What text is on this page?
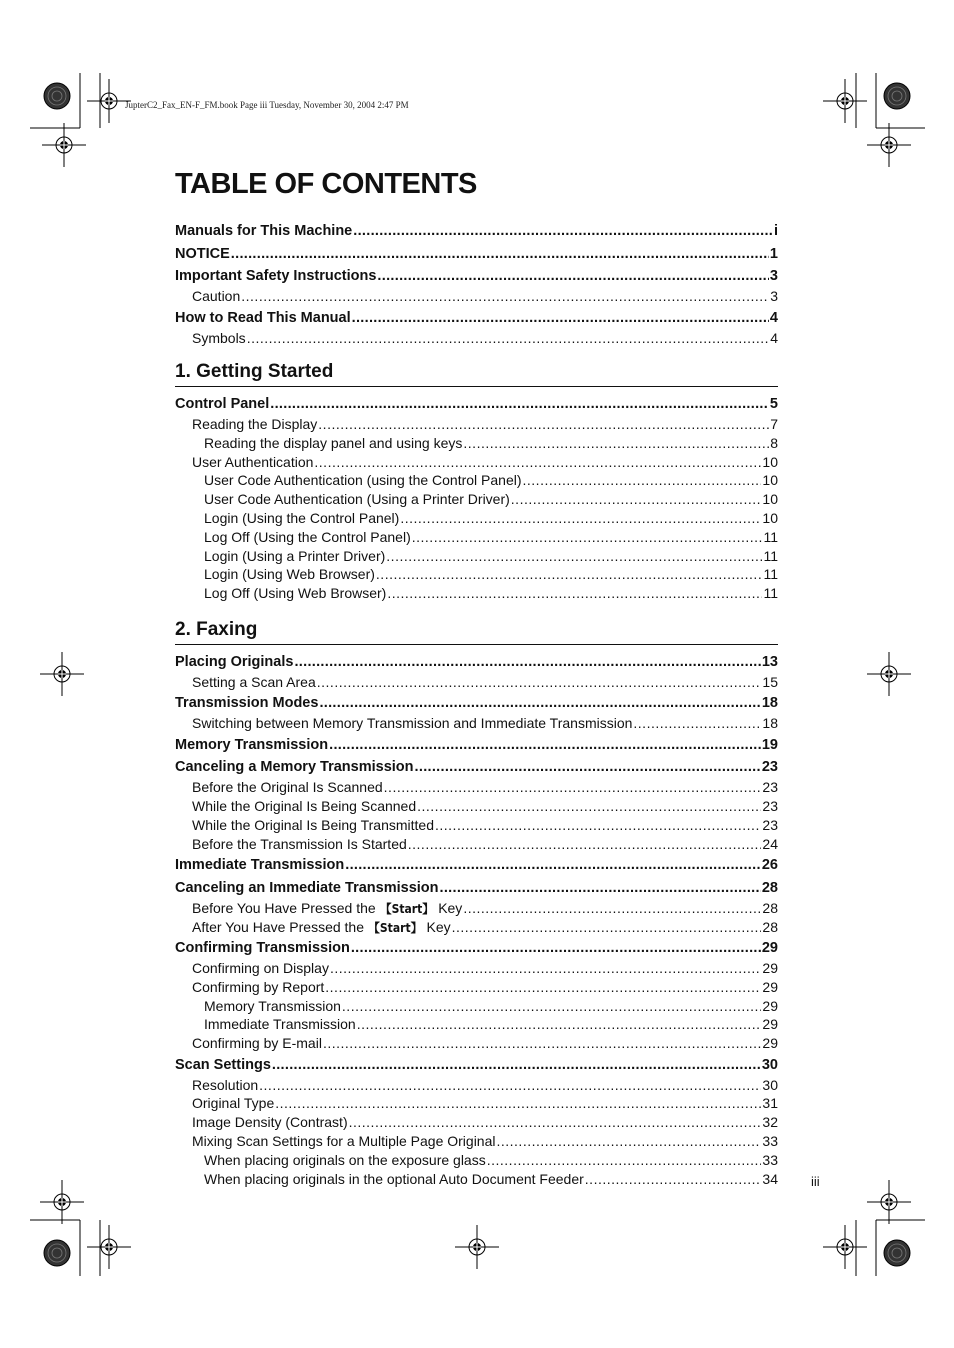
JupterC2_Fax_EN-F_FM.book Page iii Tuesday, November 30, 2004 2:47 PM
TABLE OF CONTENTS
Manuals for This Machine .....	i
NOTICE .....	1
Important Safety Instructions .....	3
Caution .....	3
How to Read This Manual .....	4
Symbols .....	4
1. Getting Started
Control Panel .....	5
Reading the Display .....	7
Reading the display panel and using keys .....	8
User Authentication .....	10
User Code Authentication (using the Control Panel) .....	10
User Code Authentication (Using a Printer Driver) .....	10
Login (Using the Control Panel) .....	10
Log Off (Using the Control Panel) .....	11
Login (Using a Printer Driver) .....	11
Login (Using Web Browser) .....	11
Log Off (Using Web Browser) .....	11
2. Faxing
Placing Originals .....	13
Setting a Scan Area .....	15
Transmission Modes .....	18
Switching between Memory Transmission and Immediate Transmission .....	18
Memory Transmission .....	19
Canceling a Memory Transmission .....	23
Before the Original Is Scanned .....	23
While the Original Is Being Scanned .....	23
While the Original Is Being Transmitted .....	23
Before the Transmission Is Started .....	24
Immediate Transmission .....	26
Canceling an Immediate Transmission .....	28
Before You Have Pressed the 【Start】 Key .....	28
After You Have Pressed the 【Start】 Key .....	28
Confirming Transmission .....	29
Confirming on Display .....	29
Confirming by Report .....	29
Memory Transmission .....	29
Immediate Transmission .....	29
Confirming by E-mail .....	29
Scan Settings .....	30
Resolution .....	30
Original Type .....	31
Image Density (Contrast) .....	32
Mixing Scan Settings for a Multiple Page Original .....	33
When placing originals on the exposure glass .....	33
When placing originals in the optional Auto Document Feeder .....	34	iii
